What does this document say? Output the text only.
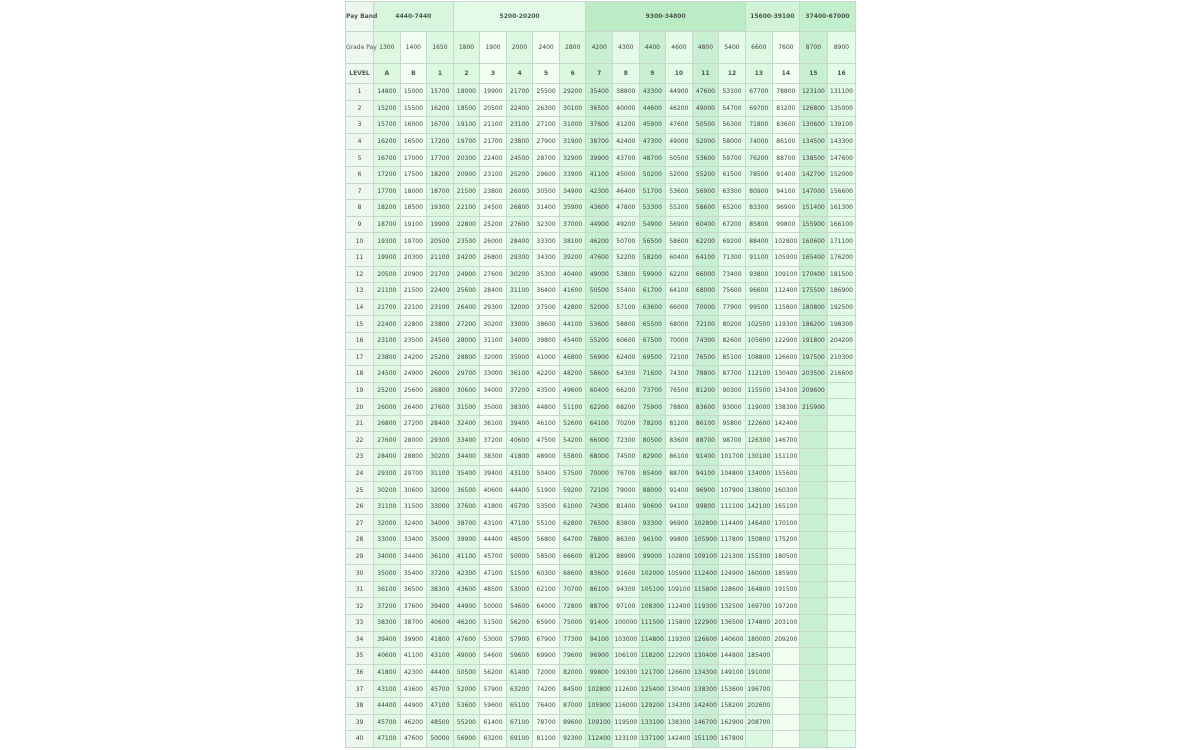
Pay Band	4440-7440			5200-20200					9300-34800						15600-39100		37400-67000	
Grade Pay	1300	1400	1650	1800	1900	2000	2400	2800	4200	4300	4400	4600	4800	5400	6600	7600	8700	8900
LEVEL	A	B	1	2	3	4	5	6	7	8	9	10	11	12	13	14	15	16
1	14800	15000	15700	18000	19900	21700	25500	29200	35400	38800	43300	44900	47600	53100	67700	78800	123100	131100
2	15200	15500	16200	18500	20500	22400	26300	30100	36500	40000	44600	46200	49000	54700	69700	81200	126800	135000
3	15700	16000	16700	19100	21100	23100	27100	31000	37600	41200	45900	47600	50500	56300	71800	83600	130600	139100
4	16200	16500	17200	19700	21700	23800	27900	31900	38700	42400	47300	49000	52000	58000	74000	86100	134500	143300
5	16700	17000	17700	20300	22400	24500	28700	32900	39900	43700	48700	50500	53600	59700	76200	88700	138500	147600
6	17200	17500	18200	20900	23100	25200	29600	33900	41100	45000	50200	52000	55200	61500	78500	91400	142700	152000
7	17700	18000	18700	21500	23800	26000	30500	34900	42300	46400	51700	53600	56900	63300	80900	94100	147000	156600
8	18200	18500	19300	22100	24500	26800	31400	35900	43600	47800	53300	55200	58600	65200	83300	96900	151400	161300
9	18700	19100	19900	22800	25200	27600	32300	37000	44900	49200	54900	56900	60400	67200	85800	99800	155900	166100
10	19300	19700	20500	23500	26000	28400	33300	38100	46200	50700	56500	58600	62200	69200	88400	102800	160600	171100
11	19900	20300	21100	24200	26800	29300	34300	39200	47600	52200	58200	60400	64100	71300	91100	105900	165400	176200
12	20500	20900	21700	24900	27600	30200	35300	40400	49000	53800	59900	62200	66000	73400	93800	109100	170400	181500
13	21100	21500	22400	25600	28400	31100	36400	41600	50500	55400	61700	64100	68000	75600	96600	112400	175500	186900
14	21700	22100	23100	26400	29300	32000	37500	42800	52000	57100	63600	66000	70000	77900	99500	115800	180800	192500
15	22400	22800	23800	27200	30200	33000	38600	44100	53600	58800	65500	68000	72100	80200	102500	119300	186200	198300
16	23100	23500	24500	28000	31100	34000	39800	45400	55200	60600	67500	70000	74300	82600	105600	122900	191800	204200
17	23800	24200	25200	28800	32000	35000	41000	46800	56900	62400	69500	72100	76500	85100	108800	126600	197500	210300
18	24500	24900	26000	29700	33000	36100	42200	48200	58600	64300	71600	74300	78800	87700	112100	130400	203500	216600
19	25200	25600	26800	30600	34000	37200	43500	49600	60400	66200	73700	76500	81200	90300	115500	134300	209600	
20	26000	26400	27600	31500	35000	38300	44800	51100	62200	68200	75900	78800	83600	93000	119000	138300	215900	
21	26800	27200	28400	32400	36100	39400	46100	52600	64100	70200	78200	81200	86100	95800	122600	142400		
22	27600	28000	29300	33400	37200	40600	47500	54200	66000	72300	80500	83600	88700	98700	126300	146700		
23	28400	28800	30200	34400	38300	41800	48900	55800	68000	74500	82900	86100	91400	101700	130100	151100		
24	29300	29700	31100	35400	39400	43100	50400	57500	70000	76700	85400	88700	94100	104800	134000	155600		
25	30200	30600	32000	36500	40600	44400	51900	59200	72100	79000	88000	91400	96900	107900	138000	160300		
26	31100	31500	33000	37600	41800	45700	53500	61000	74300	81400	90600	94100	99800	111100	142100	165100		
27	32000	32400	34000	38700	43100	47100	55100	62800	76500	83800	93300	96900	102800	114400	146400	170100		
28	33000	33400	35000	39900	44400	48500	56800	64700	78800	86300	96100	99800	105900	117800	150800	175200		
29	34000	34400	36100	41100	45700	50000	58500	66600	81200	88900	99000	102800	109100	121300	155300	180500		
30	35000	35400	37200	42300	47100	51500	60300	68600	83600	91600	102000	105900	112400	124900	160000	185900		
31	36100	36500	38300	43600	48500	53000	62100	70700	86100	94300	105100	109100	115800	128600	164800	191500		
32	37200	37600	39400	44900	50000	54600	64000	72800	88700	97100	108300	112400	119300	132500	169700	197200		
33	38300	38700	40600	46200	51500	56200	65900	75000	91400	100000	111500	115800	122900	136500	174800	203100		
34	39400	39900	41800	47600	53000	57900	67900	77300	94100	103000	114800	119300	126600	140600	180000	209200		
35	40600	41100	43100	49000	54600	59600	69900	79600	96900	106100	118200	122900	130400	144800	185400			
36	41800	42300	44400	50500	56200	61400	72000	82000	99800	109300	121700	126600	134300	149100	191000			
37	43100	43600	45700	52000	57900	63200	74200	84500	102800	112600	125400	130400	138300	153600	196700			
38	44400	44900	47100	53600	59600	65100	76400	87000	105900	116000	129200	134300	142400	158200	202600			
39	45700	46200	48500	55200	61400	67100	78700	89600	109100	119500	133100	138300	146700	162900	208700			
40	47100	47600	50000	56900	63200	69100	81100	92300	112400	123100	137100	142400	151100	167800				
